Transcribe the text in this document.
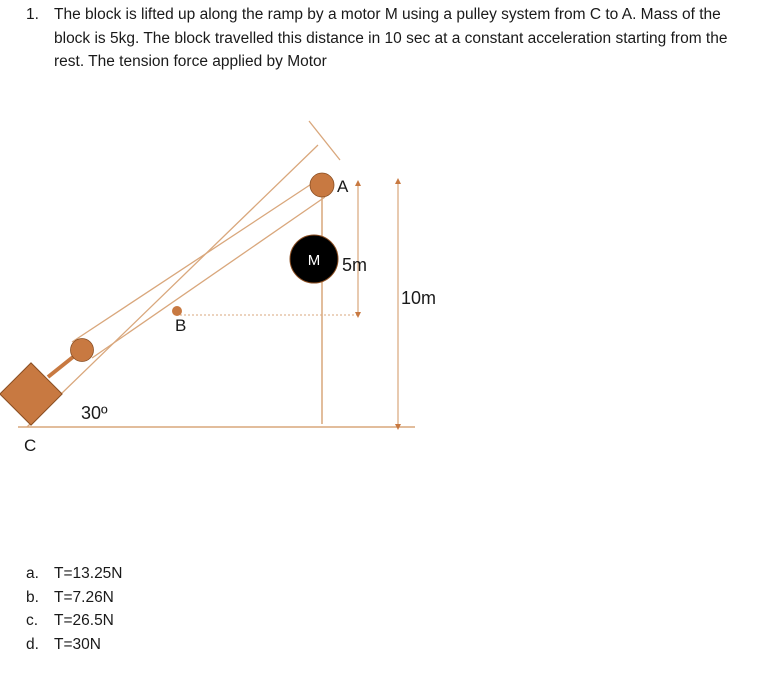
1. The block is lifted up along the ramp by a motor M using a pulley system from C to A. Mass of the block is 5kg. The block travelled this distance in 10 sec at a constant acceleration starting from the rest. The tension force applied by Motor
A
B
C
M 5m
10m
30º
a. T=13.25N
b. T=7.26N
c. T=26.5N
d. T=30N
